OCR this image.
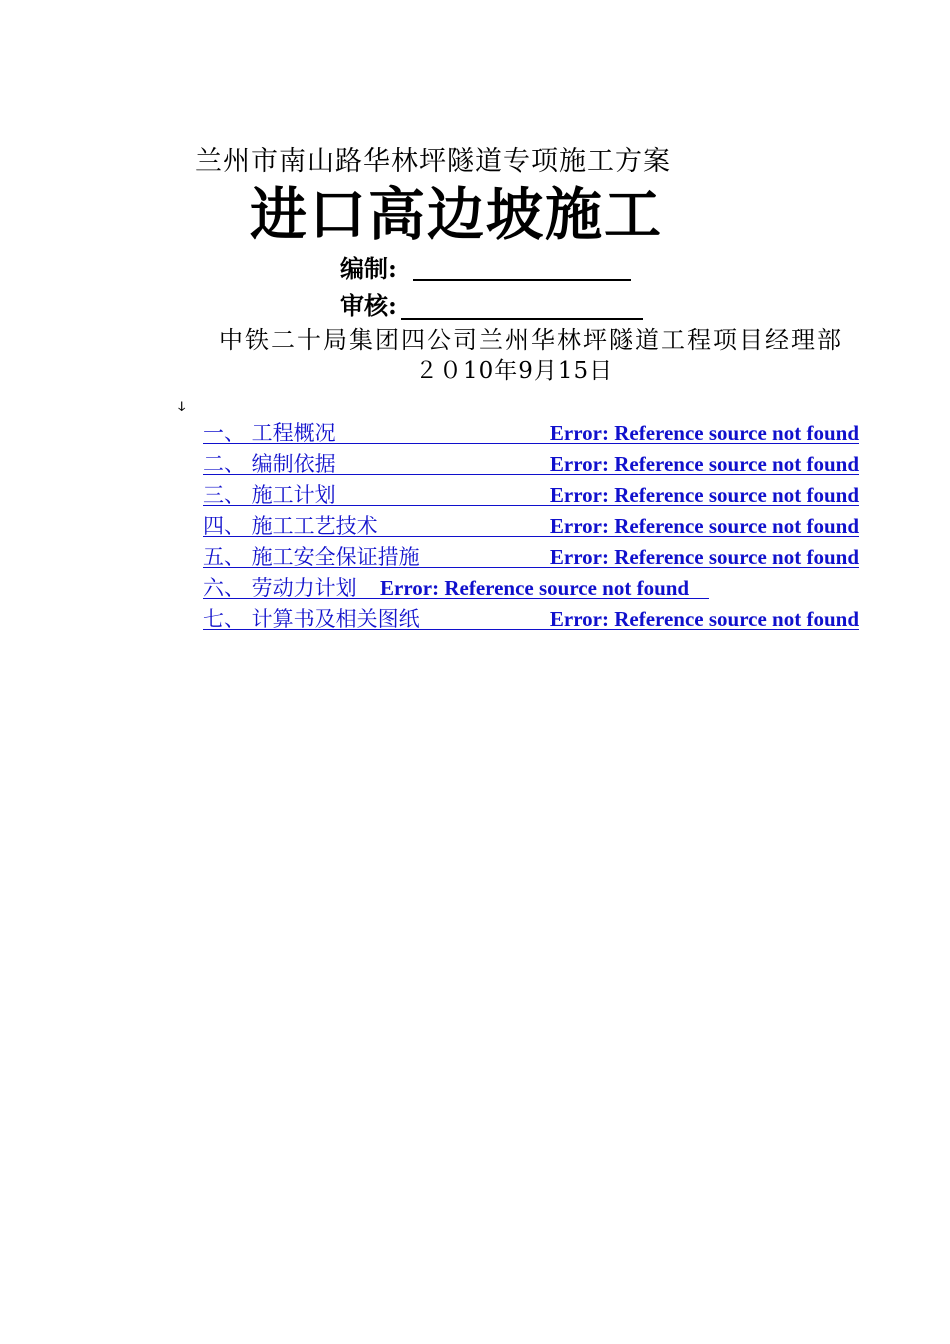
兰州市南山路华林坪隧道专项施工方案
进口高边坡施工
编制:
审核:
中铁二十局集团四公司兰州华林坪隧道工程项目经理部
２０10年9月15日
ↆ
一、 工程概况	Error: Reference source not found
二、 编制依据	Error: Reference source not found
三、 施工计划	Error: Reference source not found
四、 施工工艺技术	Error: Reference source not found
五、 施工安全保证措施	Error: Reference source not found
六、 劳动力计划 Error: Reference source not found
七、 计算书及相关图纸	Error: Reference source not found
